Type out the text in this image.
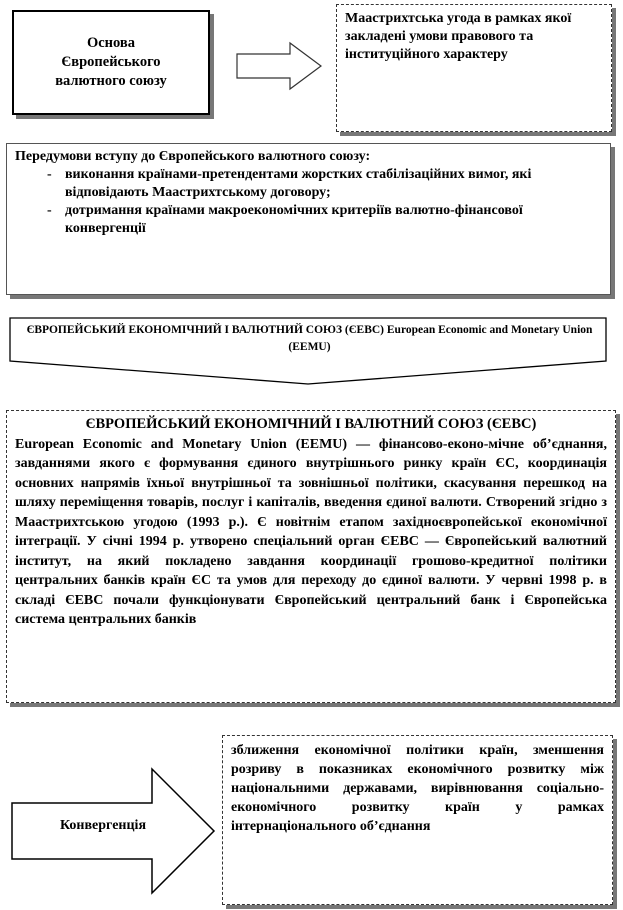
Основа
Європейського
валютного союзу
Маастрихтська угода в рамках якої закладені умови правового та інституційного характеру
Передумови вступу до Європейського валютного союзу:
- виконання країнами-претендентами жорстких стабілізаційних вимог, які відповідають Маастрихтському договору;
- дотримання країнами макроекономічних критеріїв валютно-фінансової конвергенції
ЄВРОПЕЙСЬКИЙ ЕКОНОМІЧНИЙ І ВАЛЮТНИЙ СОЮЗ (ЄЕВС) European Economic and Monetary Union (EEMU)
ЄВРОПЕЙСЬКИЙ ЕКОНОМІЧНИЙ І ВАЛЮТНИЙ СОЮЗ (ЄЕВС)
European Economic and Monetary Union (EEMU) — фінансово-еконо-мічне об’єднання, завданнями якого є формування єдиного внутрішнього ринку країн ЄС, координація основних напрямів їхньої внутрішньої та зовнішньої політики, скасування перешкод на шляху переміщення товарів, послуг і капіталів, введення єдиної валюти. Створений згідно з Маастрихтською угодою (1993 р.). Є новітнім етапом західноєвропейської економічної інтеграції. У січні 1994 р. утворено спеціальний орган ЄЕВС — Європейський валютний інститут, на який покладено завдання координації грошово-кредитної політики центральних банків країн ЄС та умов для переходу до єдиної валюти. У червні 1998 р. в складі ЄЕВС почали функціонувати Європейський центральний банк і Європейська система центральних банків
Конвергенція
зближення економічної політики країн, зменшення розриву в показниках економічного розвитку між національними державами, вирівнювання соціально-економічного розвитку країн у рамках інтернаціонального об’єднання
